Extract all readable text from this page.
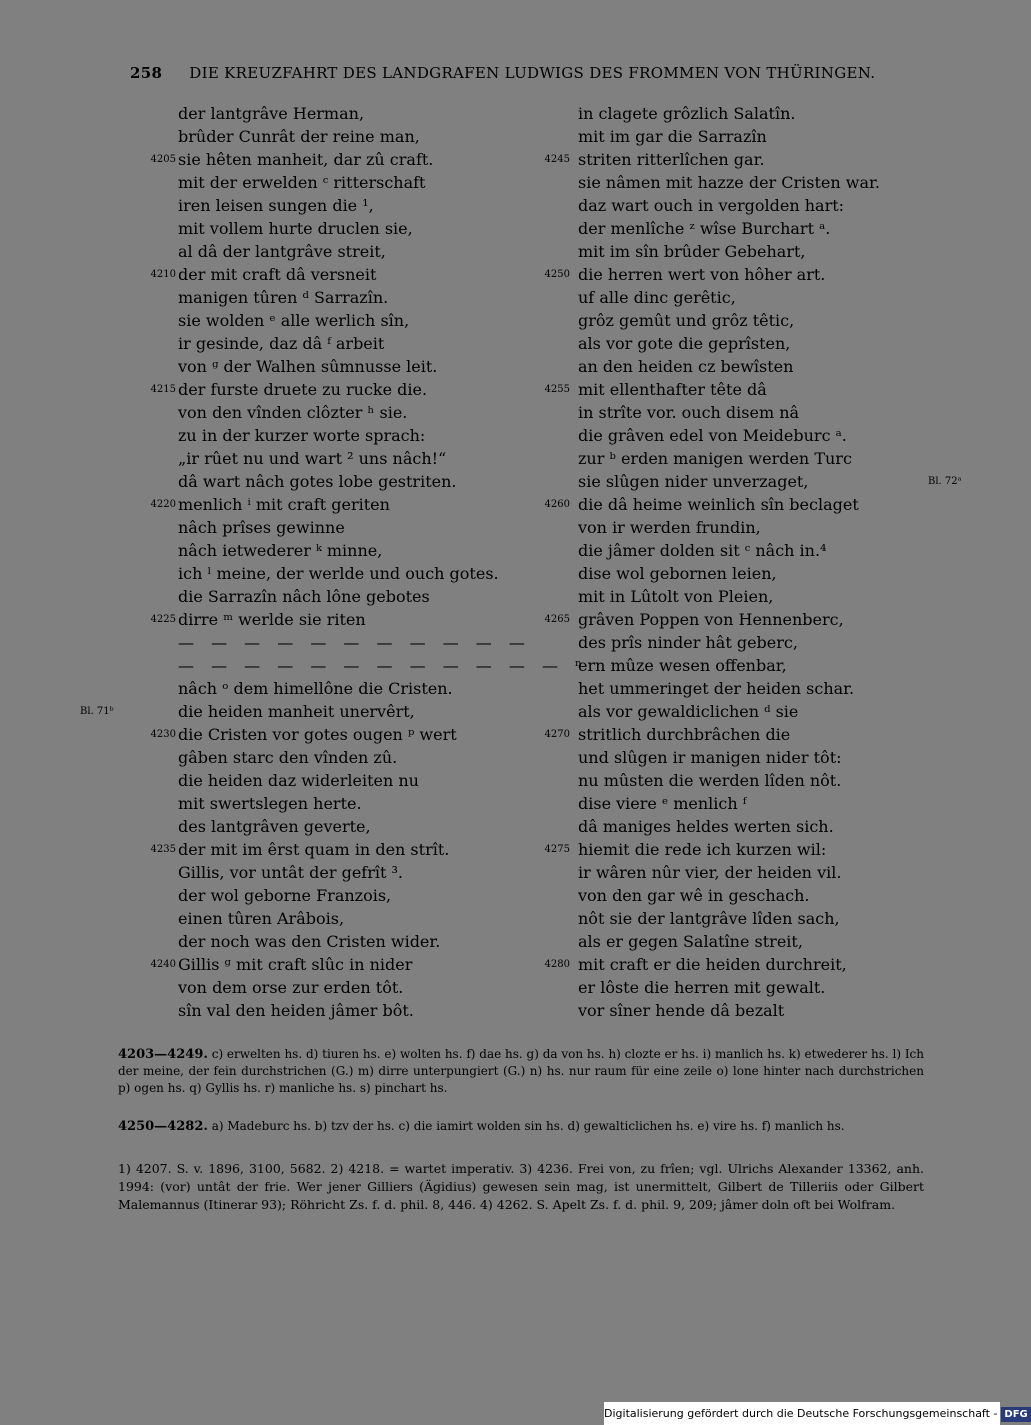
258 DIE KREUZFAHRT DES LANDGRAFEN LUDWIGS DES FROMMEN VON THÜRINGEN.
der lantgrâve Herman,
brûder Cunrât der reine man,
4205 sie hêten manheit, dar zû craft.
mit der erwelden ᶜ ritterschaft
iren leisen sungen die ¹,
mit vollem hurte druclen sie,
al dâ der lantgrâve streit,
4210 der mit craft dâ versneit
manigen tûren ᵈ Sarrazîn.
sie wolden ᵉ alle werlich sîn,
ir gesinde, daz dâ ᶠ arbeit
von ᵍ der Walhen sûmnusse leit.
4215 der furste druete zu rucke die.
von den vînden clôzter ʰ sie.
zu in der kurzer worte sprach:
„ir rûet nu und wart ² uns nâch!“
dâ wart nâch gotes lobe gestriten.
4220 menlich ⁱ mit craft geriten
nâch prîses gewinne
nâch ietwederer ᵏ minne,
ich ˡ meine, der werlde und ouch gotes.
die Sarrazîn nâch lône gebotes
4225 dirre ᵐ werlde sie riten
— — — — — — — — — — —
— — — — — — — — — — — — ⁿ
nâch ᵒ dem himellône die Cristen.
die heiden manheit unervêrt,
Bl. 71ᵇ
4230 die Cristen vor gotes ougen ᵖ wert
gâben starc den vînden zû.
die heiden daz widerleiten nu
mit swertslegen herte.
des lantgrâven geverte,
4235 der mit im êrst quam in den strît.
Gillis, vor untât der gefrît ³.
der wol geborne Franzois,
einen tûren Arâbois,
der noch was den Cristen wider.
4240 Gillis ᵍ mit craft slûc in nider
von dem orse zur erden tôt.
sîn val den heiden jâmer bôt.
in clagete grôzlich Salatîn.
mit im gar die Sarrazîn
4245 striten ritterlîchen gar.
sie nâmen mit hazze der Cristen war.
daz wart ouch in vergolden hart:
der menlîche ᶻ wîse Burchart ᵃ.
mit im sîn brûder Gebehart,
4250 die herren wert von hôher art.
uf alle dinc gerêtic,
grôz gemût und grôz têtic,
als vor gote die geprîsten,
an den heiden cz bewîsten
4255 mit ellenthafter tête dâ
in strîte vor. ouch disem nâ
die grâven edel von Meideburc ᵃ.
zur ᵇ erden manigen werden Turc
sie slûgen nider unverzaget,	Bl. 72ᵃ
4260 die dâ heime weinlich sîn beclaget
von ir werden frundin,
die jâmer dolden sit ᶜ nâch in.⁴
dise wol gebornen leien,
mit in Lûtolt von Pleien,
4265 grâven Poppen von Hennenberc,
des prîs ninder hât geberc,
ern mûze wesen offenbar,
het ummeringet der heiden schar.
als vor gewaldiclichen ᵈ sie
4270 stritlich durchbrâchen die
und slûgen ir manigen nider tôt:
nu mûsten die werden lîden nôt.
dise viere ᵉ menlich ᶠ
dâ maniges heldes werten sich.
4275 hiemit die rede ich kurzen wil:
ir wâren nûr vier, der heiden vil.
von den gar wê in geschach.
nôt sie der lantgrâve lîden sach,
als er gegen Salatîne streit,
4280 mit craft er die heiden durchreit,
er lôste die herren mit gewalt.
vor sîner hende dâ bezalt
4203—4249. c) erwelten hs. d) tiuren hs. e) wolten hs. f) dae hs. g) da von hs. h) clozte er hs. i) manlich hs. k) etwederer hs. l) Ich der meine, der fein durchstrichen (G.) m) dirre unterpungiert (G.) n) hs. nur raum für eine zeile o) lone hinter nach durchstrichen p) ogen hs. q) Gyllis hs. r) manliche hs. s) pinchart hs.
4250—4282. a) Madeburc hs. b) tzv der hs. c) die iamirt wolden sin hs. d) gewalticlichen hs. e) vire hs. f) manlich hs.
1) 4207. S. v. 1896, 3100, 5682. 2) 4218. = wartet imperativ. 3) 4236. Frei von, zu frîen; vgl. Ulrichs Alexander 13362, anh. 1994: (vor) untât der frie. Wer jener Gilliers (Ägidius) gewesen sein mag, ist unermittelt, Gilbert de Tilleriis oder Gilbert Malemannus (Itinerar 93); Röhricht Zs. f. d. phil. 8, 446. 4) 4262. S. Apelt Zs. f. d. phil. 9, 209; jâmer doln oft bei Wolfram.
Digitalisierung gefördert durch die Deutsche Forschungsgemeinschaft - DFG
